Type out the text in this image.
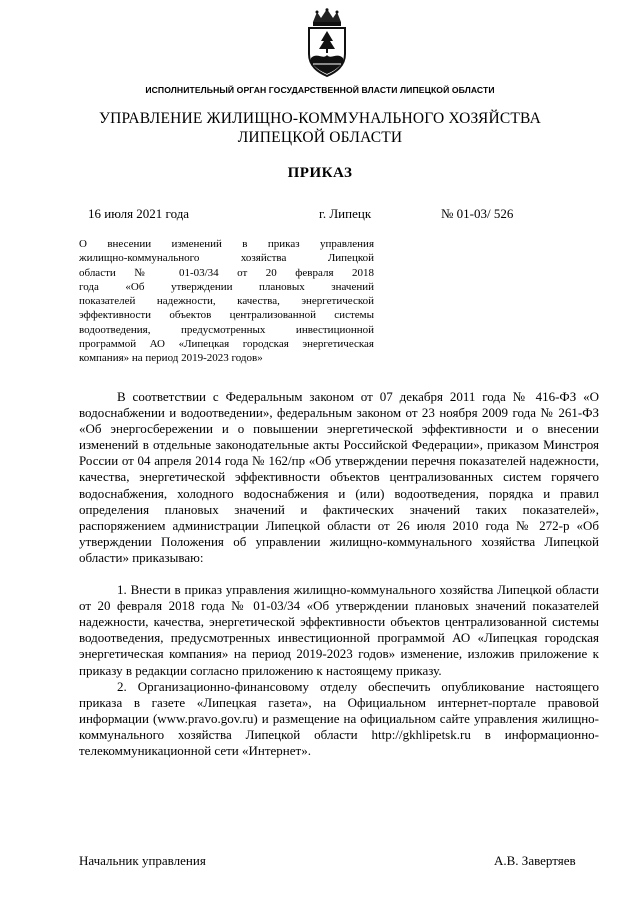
ИСПОЛНИТЕЛЬНЫЙ ОРГАН ГОСУДАРСТВЕННОЙ ВЛАСТИ ЛИПЕЦКОЙ ОБЛАСТИ
УПРАВЛЕНИЕ ЖИЛИЩНО-КОММУНАЛЬНОГО ХОЗЯЙСТВА
ЛИПЕЦКОЙ ОБЛАСТИ
ПРИКАЗ
16 июля 2021 года	г. Липецк	№ 01-03/ 526
О внесении изменений в приказ управления
жилищно-коммунального хозяйства Липецкой
области № 01-03/34 от 20 февраля 2018
года «Об утверждении плановых значений
показателей надежности, качества, энергетической
эффективности объектов централизованной системы
водоотведения, предусмотренных инвестиционной
программой АО «Липецкая городская энергетическая
компания» на период 2019-2023 годов»

В соответствии с Федеральным законом от 07 декабря 2011 года № 416-ФЗ «О водоснабжении и водоотведении», федеральным законом от 23 ноября 2009 года № 261-ФЗ «Об энергосбережении и о повышении энергетической эффективности и о внесении изменений в отдельные законодательные акты Российской Федерации», приказом Минстроя России от 04 апреля 2014 года № 162/пр «Об утверждении перечня показателей надежности, качества, энергетической эффективности объектов централизованных систем горячего водоснабжения, холодного водоснабжения и (или) водоотведения, порядка и правил определения плановых значений и фактических значений таких показателей», распоряжением администрации Липецкой области от 26 июля 2010 года № 272-р «Об утверждении Положения об управлении жилищно-коммунального хозяйства Липецкой области» приказываю:

1. Внести в приказ управления жилищно-коммунального хозяйства Липецкой области от 20 февраля 2018 года № 01-03/34 «Об утверждении плановых значений показателей надежности, качества, энергетической эффективности объектов централизованной системы водоотведения, предусмотренных инвестиционной программой АО «Липецкая городская энергетическая компания» на период 2019-2023 годов» изменение, изложив приложение к приказу в редакции согласно приложению к настоящему приказу.

2. Организационно-финансовому отделу обеспечить опубликование настоящего приказа в газете «Липецкая газета», на Официальном интернет-портале правовой информации (www.pravo.gov.ru) и размещение на официальном сайте управления жилищно-коммунального хозяйства Липецкой области http://gkhlipetsk.ru в информационно-телекоммуникационной сети «Интернет».

Начальник управления	А.В. Завертяев
